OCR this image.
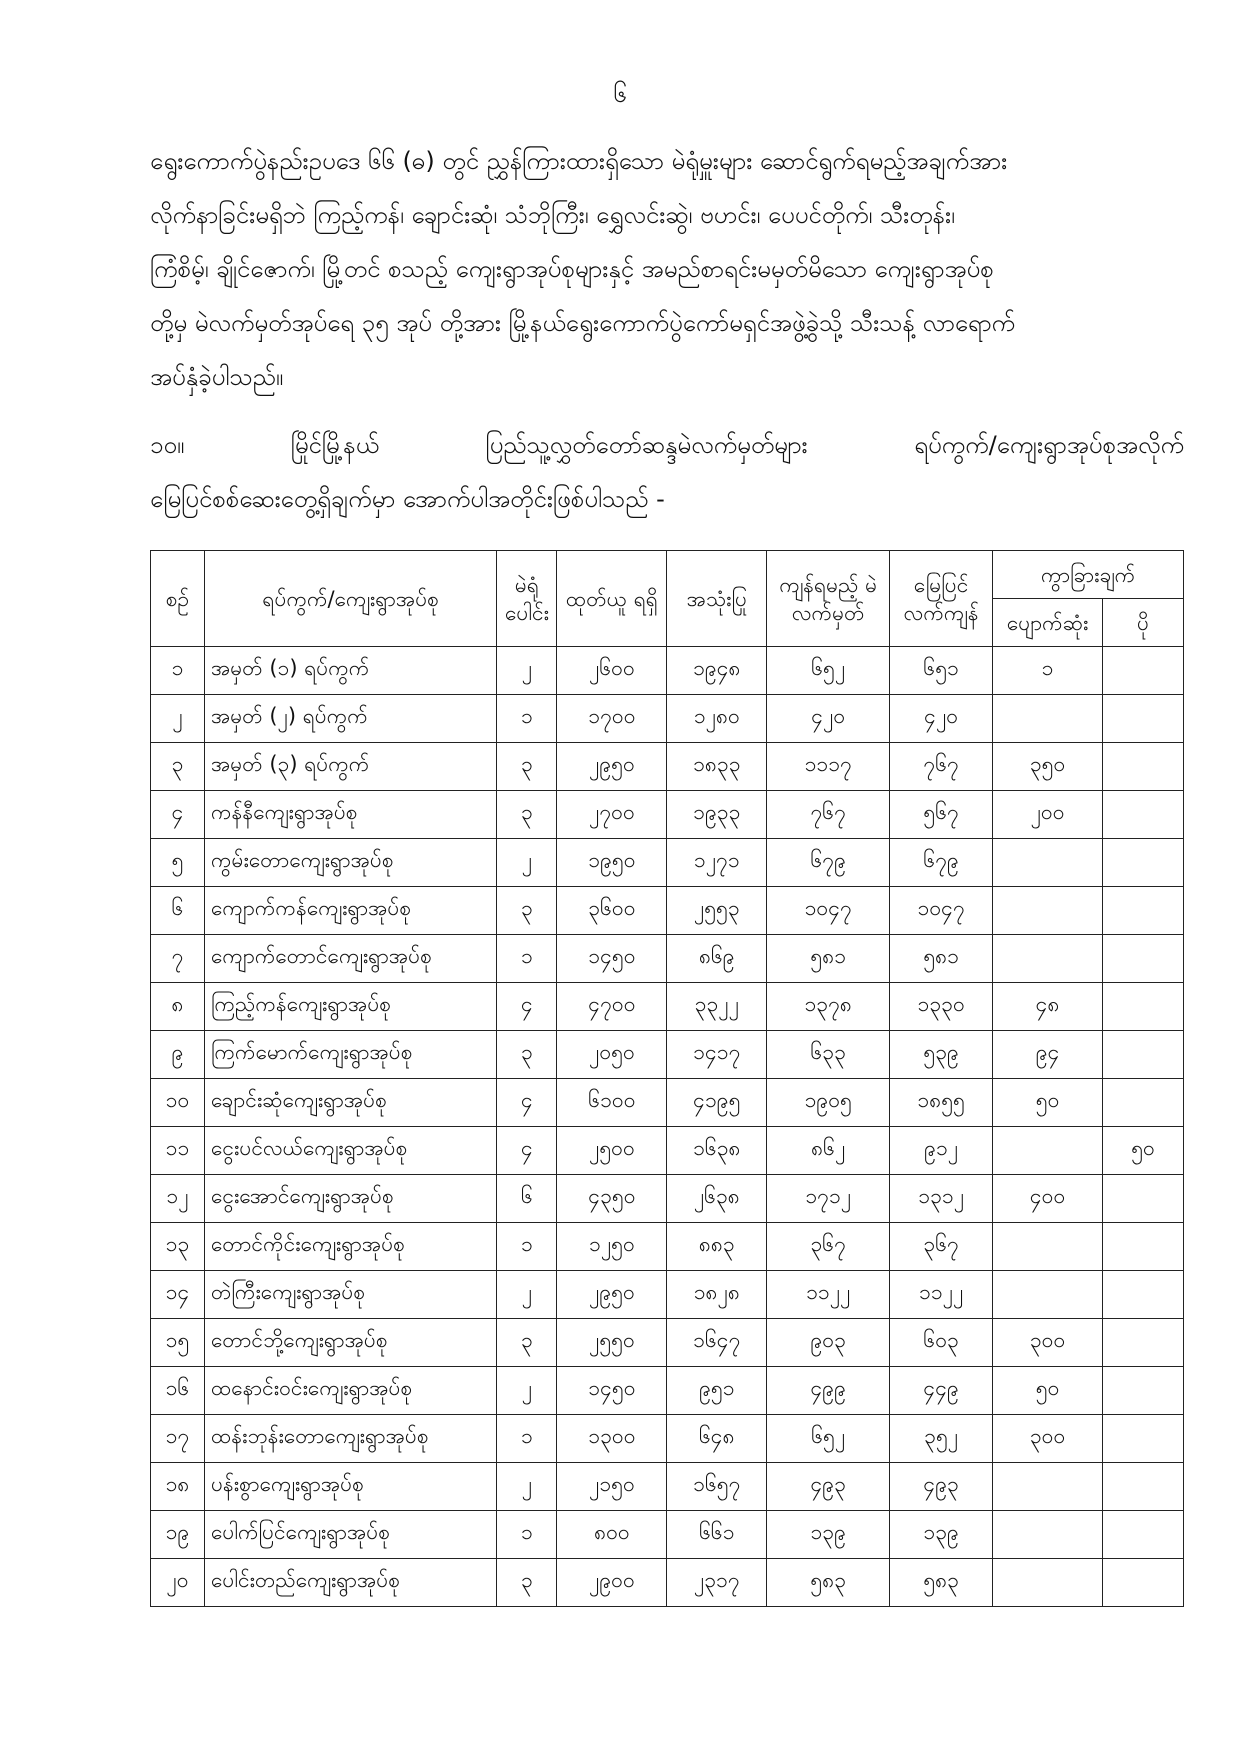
၆

ရွေးကောက်ပွဲနည်းဥပဒေ ၆၆ (ဓ) တွင် ညွှန်ကြားထားရှိသော မဲရုံမှူးများ ဆောင်ရွက်ရမည့်အချက်အား

လိုက်နာခြင်းမရှိဘဲ ကြည့်ကန်၊ ချောင်းဆုံ၊ သံဘိုကြီး၊ ရွှေလင်းဆွဲ၊ ဗဟင်း၊ ပေပင်တိုက်၊ သီးတုန်း၊

ကြံစိမ့်၊ ချိုင်ဇောက်၊ မြို့တင် စသည့် ကျေးရွာအုပ်စုများနှင့် အမည်စာရင်းမမှတ်မိသော ကျေးရွာအုပ်စု

တို့မှ မဲလက်မှတ်အုပ်ရေ ၃၅ အုပ် တို့အား မြို့နယ်ရွေးကောက်ပွဲကော်မရှင်အဖွဲ့ခွဲသို့ သီးသန့် လာရောက်

အပ်နှံခဲ့ပါသည်။

၁၀။	မြိုင်မြို့နယ်	ပြည်သူ့လွှတ်တော်ဆန္ဒမဲလက်မှတ်များ	ရပ်ကွက်/ကျေးရွာအုပ်စုအလိုက်

မြေပြင်စစ်ဆေးတွေ့ရှိချက်မှာ အောက်ပါအတိုင်းဖြစ်ပါသည် -

စဉ်	ရပ်ကွက်/ကျေးရွာအုပ်စု	မဲရုံ ပေါင်း	ထုတ်ယူ ရရှိ	အသုံးပြု	ကျန်ရမည့် မဲလက်မှတ်	မြေပြင် လက်ကျန်	ကွာခြားချက်	
							ပျောက်ဆုံး	ပို
၁	အမှတ် (၁) ရပ်ကွက်	၂	၂၆၀၀	၁၉၄၈	၆၅၂	၆၅၁	၁	
၂	အမှတ် (၂) ရပ်ကွက်	၁	၁၇၀၀	၁၂၈၀	၄၂၀	၄၂၀		
၃	အမှတ် (၃) ရပ်ကွက်	၃	၂၉၅၀	၁၈၃၃	၁၁၁၇	၇၆၇	၃၅၀	
၄	ကန်နီကျေးရွာအုပ်စု	၃	၂၇၀၀	၁၉၃၃	၇၆၇	၅၆၇	၂၀၀	
၅	ကွမ်းတောကျေးရွာအုပ်စု	၂	၁၉၅၀	၁၂၇၁	၆၇၉	၆၇၉		
၆	ကျောက်ကန်ကျေးရွာအုပ်စု	၃	၃၆၀၀	၂၅၅၃	၁၀၄၇	၁၀၄၇		
၇	ကျောက်တောင်ကျေးရွာအုပ်စု	၁	၁၄၅၀	၈၆၉	၅၈၁	၅၈၁		
၈	ကြည့်ကန်ကျေးရွာအုပ်စု	၄	၄၇၀၀	၃၃၂၂	၁၃၇၈	၁၃၃၀	၄၈	
၉	ကြက်မောက်ကျေးရွာအုပ်စု	၃	၂၀၅၀	၁၄၁၇	၆၃၃	၅၃၉	၉၄	
၁၀	ချောင်းဆုံကျေးရွာအုပ်စု	၄	၆၁၀၀	၄၁၉၅	၁၉၀၅	၁၈၅၅	၅၀	
၁၁	ငွေးပင်လယ်ကျေးရွာအုပ်စု	၄	၂၅၀၀	၁၆၃၈	၈၆၂	၉၁၂		၅၀
၁၂	ငွေးအောင်ကျေးရွာအုပ်စု	၆	၄၃၅၀	၂၆၃၈	၁၇၁၂	၁၃၁၂	၄၀၀	
၁၃	တောင်ကိုင်းကျေးရွာအုပ်စု	၁	၁၂၅၀	၈၈၃	၃၆၇	၃၆၇		
၁၄	တဲကြီးကျေးရွာအုပ်စု	၂	၂၉၅၀	၁၈၂၈	၁၁၂၂	၁၁၂၂		
၁၅	တောင်ဘို့ကျေးရွာအုပ်စု	၃	၂၅၅၀	၁၆၄၇	၉၀၃	၆၀၃	၃၀၀	
၁၆	ထနောင်းဝင်းကျေးရွာအုပ်စု	၂	၁၄၅၀	၉၅၁	၄၉၉	၄၄၉	၅၀	
၁၇	ထန်းဘုန်းတောကျေးရွာအုပ်စု	၁	၁၃၀၀	၆၄၈	၆၅၂	၃၅၂	၃၀၀	
၁၈	ပန်းစွာကျေးရွာအုပ်စု	၂	၂၁၅၀	၁၆၅၇	၄၉၃	၄၉၃		
၁၉	ပေါက်ပြင်ကျေးရွာအုပ်စု	၁	၈၀၀	၆၆၁	၁၃၉	၁၃၉		
၂၀	ပေါင်းတည်ကျေးရွာအုပ်စု	၃	၂၉၀၀	၂၃၁၇	၅၈၃	၅၈၃		
